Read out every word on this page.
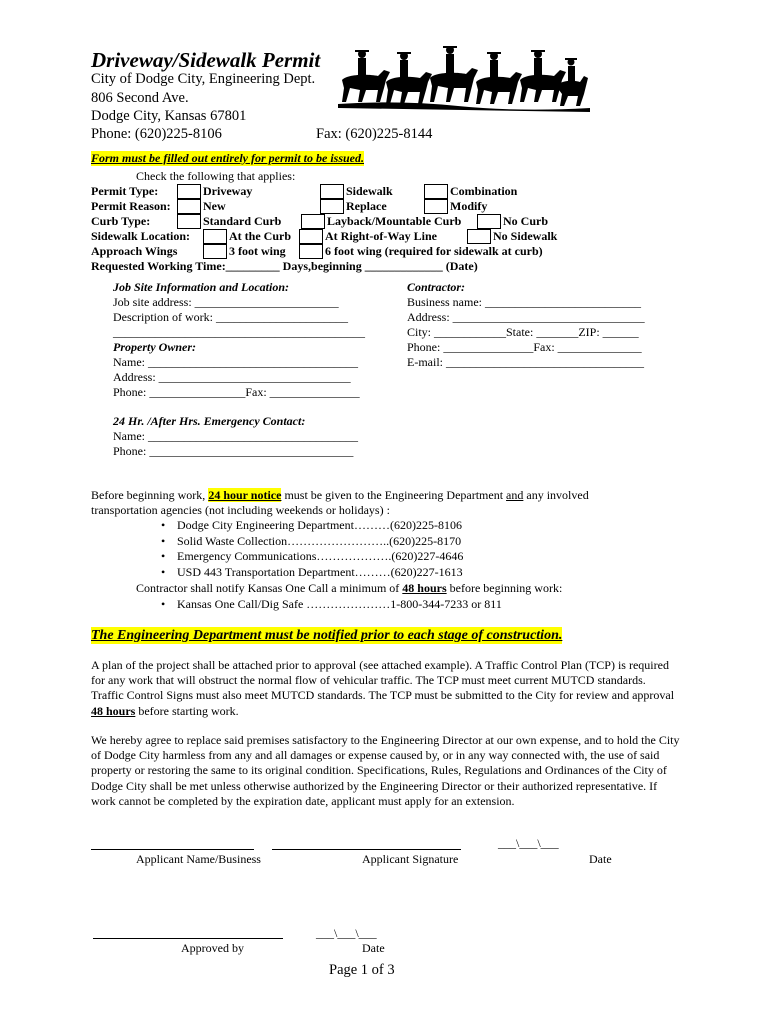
Driveway/Sidewalk Permit
City of Dodge City, Engineering Dept.
806 Second Ave.
Dodge City, Kansas 67801
Phone: (620)225-8106	Fax: (620)225-8144
Form must be filled out entirely for permit to be issued.
Check the following that applies:
Permit Type:	Driveway	Sidewalk	Combination
Permit Reason:	New	Replace	Modify
Curb Type:	Standard Curb	Layback/Mountable Curb	No Curb
Sidewalk Location:	At the Curb	At Right-of-Way Line	No Sidewalk
Approach Wings	3 foot wing	6 foot wing (required for sidewalk at curb)
Requested Working Time:_________ Days,beginning _____________ (Date)
Job Site Information and Location:
Job site address: ________________________
Description of work: ______________________
__________________________________________
Property Owner:
Name: ___________________________________
Address: ________________________________
Phone: ________________Fax: _______________
24 Hr. /After Hrs. Emergency Contact:
Name: ___________________________________
Phone: __________________________________
Contractor:
Business name: __________________________
Address: ________________________________
City: ____________State: _______ZIP: ______
Phone: _______________Fax: ______________
E-mail: _________________________________
Before beginning work, 24 hour notice must be given to the Engineering Department and any involved
transportation agencies (not including weekends or holidays) :
• Dodge City Engineering Department………(620)225-8106
• Solid Waste Collection……………………..(620)225-8170
• Emergency Communications……………….(620)227-4646
• USD 443 Transportation Department………(620)227-1613
Contractor shall notify Kansas One Call a minimum of 48 hours before beginning work:
• Kansas One Call/Dig Safe …………………1-800-344-7233 or 811
The Engineering Department must be notified prior to each stage of construction.
A plan of the project shall be attached prior to approval (see attached example). A Traffic Control Plan (TCP) is required for any work that will obstruct the normal flow of vehicular traffic. The TCP must meet current MUTCD standards. Traffic Control Signs must also meet MUTCD standards. The TCP must be submitted to the City for review and approval 48 hours before starting work.
We hereby agree to replace said premises satisfactory to the Engineering Director at our own expense, and to hold the City of Dodge City harmless from any and all damages or expense caused by, or in any way connected with, the use of said property or restoring the same to its original condition. Specifications, Rules, Regulations and Ordinances of the City of Dodge City shall be met unless otherwise authorized by the Engineering Director or their authorized representative. If work cannot be completed by the expiration date, applicant must apply for an extension.
___\___\___
Applicant Name/Business	Applicant Signature	Date
___\___\___
Approved by	Date
Page 1 of 3
